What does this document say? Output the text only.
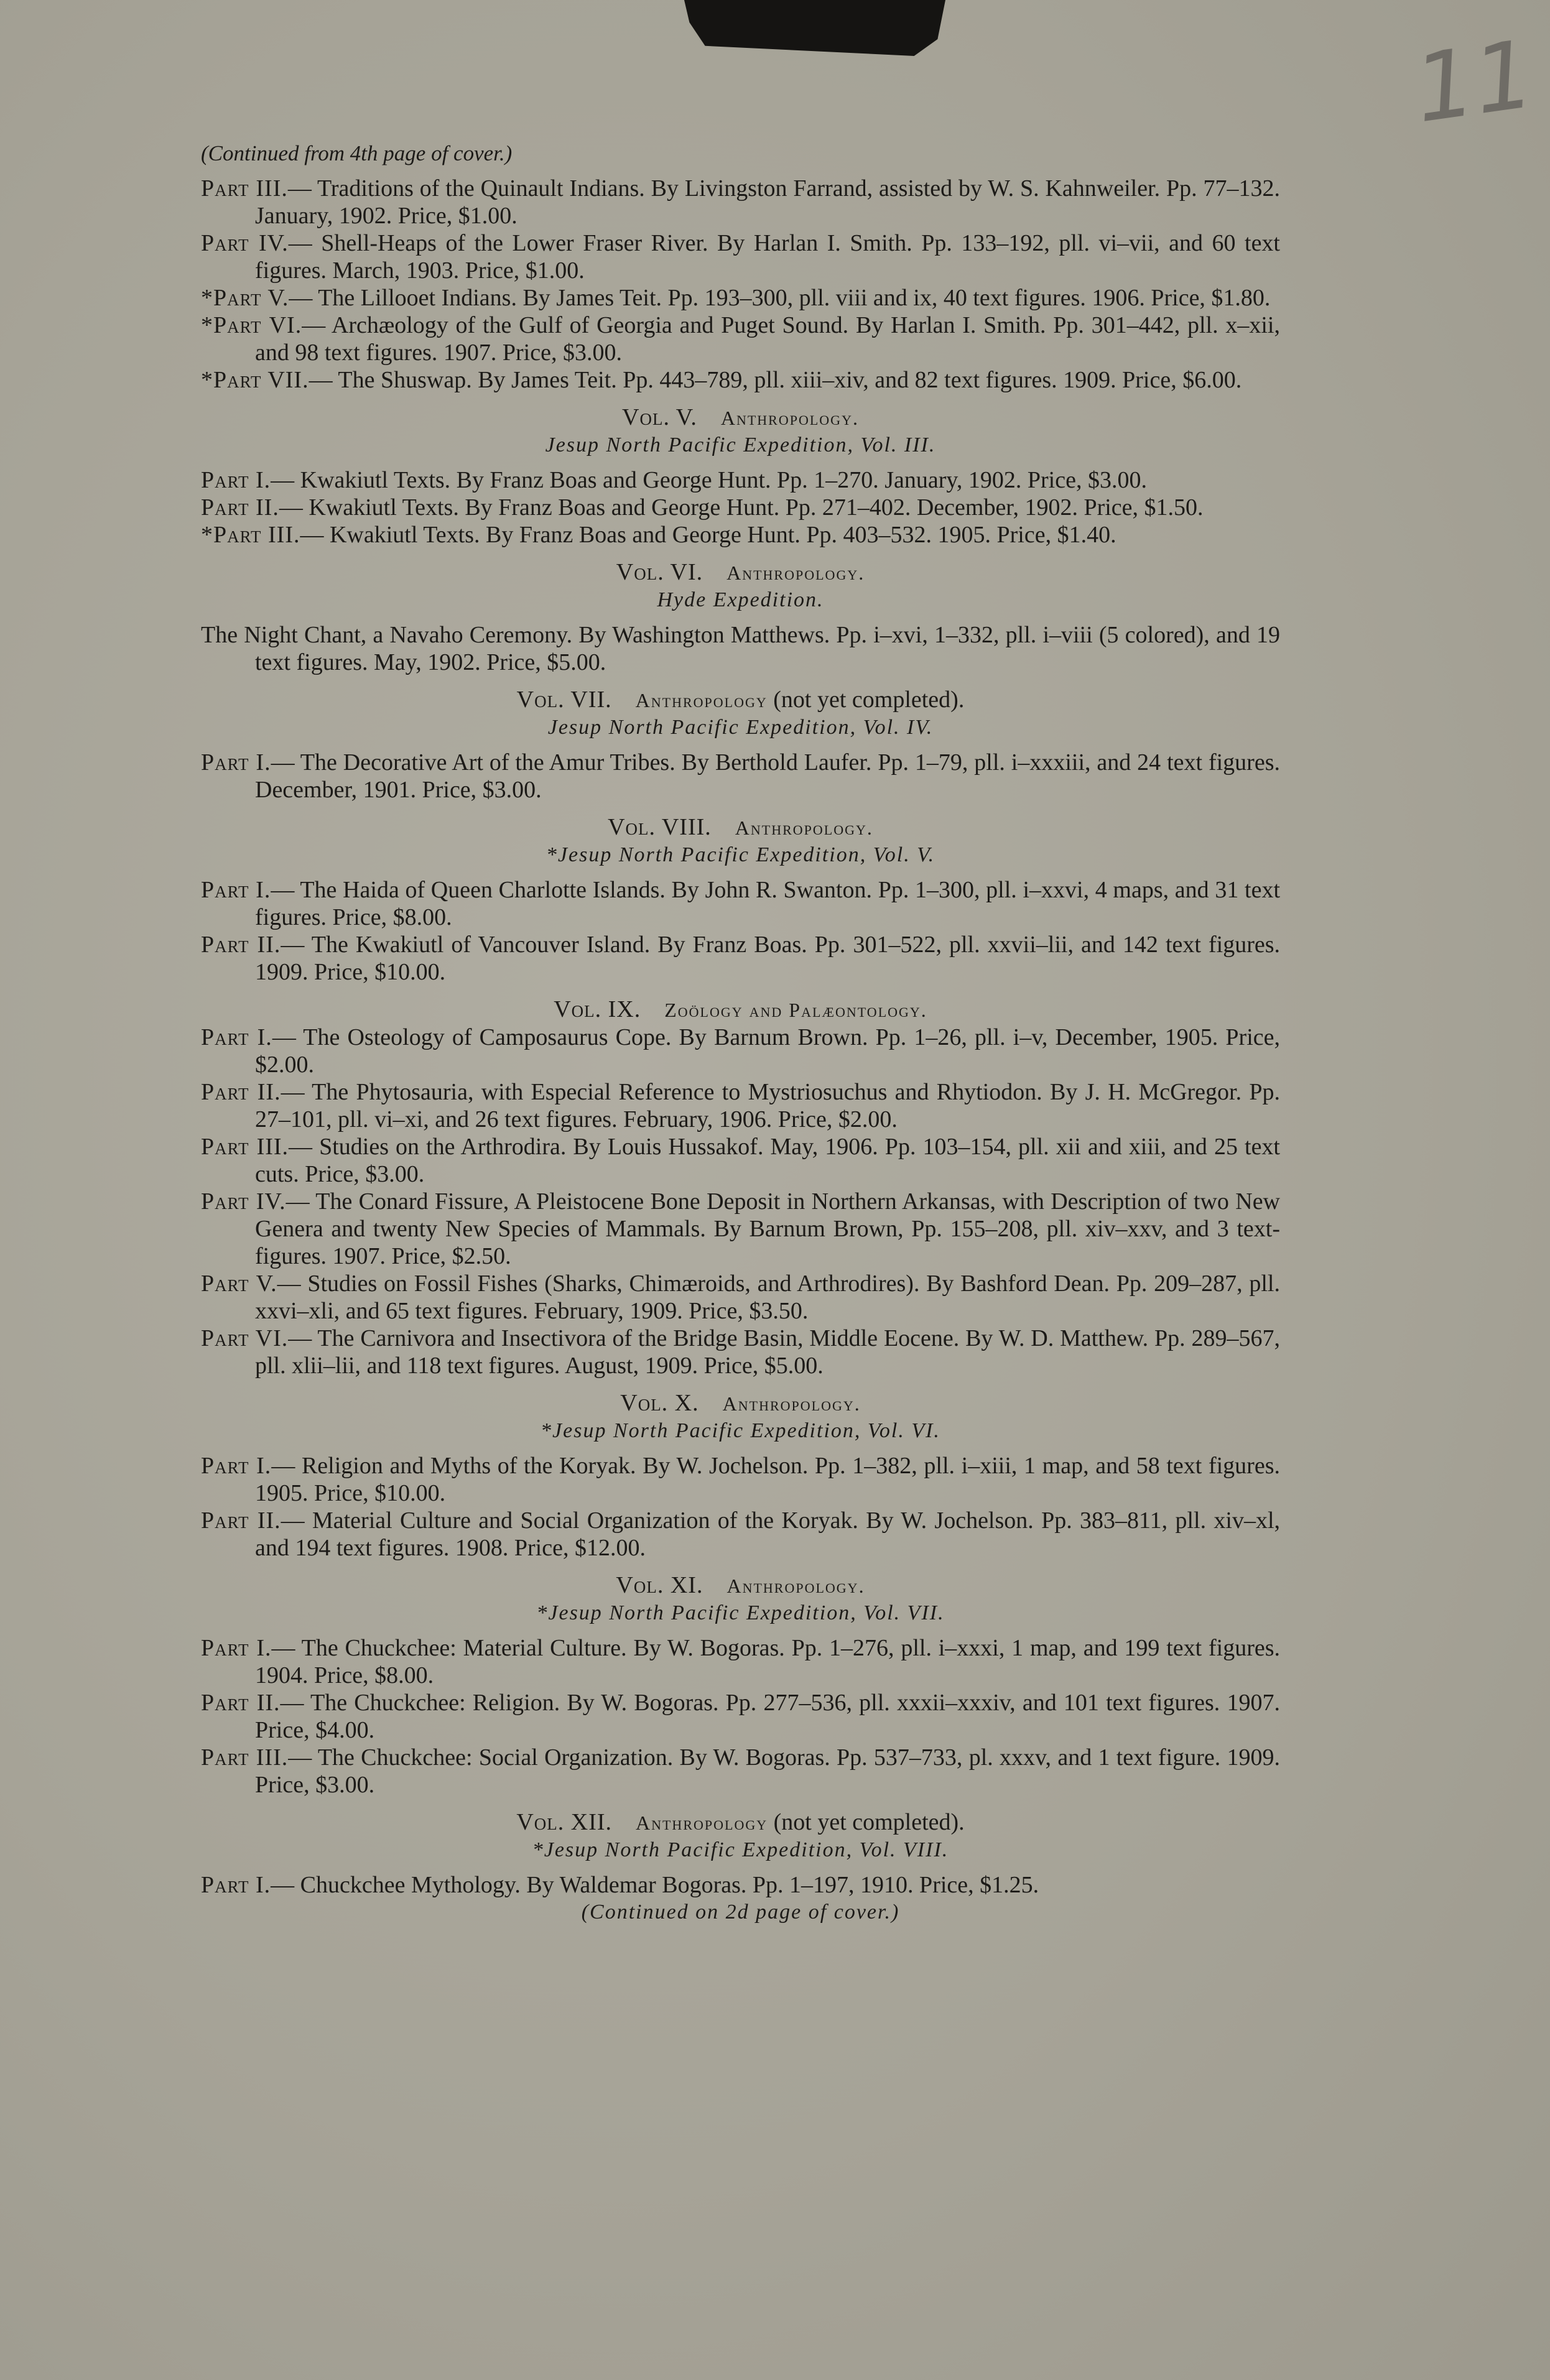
11
(Continued from 4th page of cover.)
Part III.— Traditions of the Quinault Indians. By Livingston Farrand, assisted by W. S. Kahnweiler. Pp. 77–132. January, 1902. Price, $1.00.
Part IV.— Shell-Heaps of the Lower Fraser River. By Harlan I. Smith. Pp. 133–192, pll. vi–vii, and 60 text figures. March, 1903. Price, $1.00.
*Part V.— The Lillooet Indians. By James Teit. Pp. 193–300, pll. viii and ix, 40 text figures. 1906. Price, $1.80.
*Part VI.— Archæology of the Gulf of Georgia and Puget Sound. By Harlan I. Smith. Pp. 301–442, pll. x–xii, and 98 text figures. 1907. Price, $3.00.
*Part VII.— The Shuswap. By James Teit. Pp. 443–789, pll. xiii–xiv, and 82 text figures. 1909. Price, $6.00.
Vol. V.  Anthropology.
Jesup North Pacific Expedition, Vol. III.
Part I.— Kwakiutl Texts. By Franz Boas and George Hunt. Pp. 1–270. January, 1902. Price, $3.00.
Part II.— Kwakiutl Texts. By Franz Boas and George Hunt. Pp. 271–402. December, 1902. Price, $1.50.
*Part III.— Kwakiutl Texts. By Franz Boas and George Hunt. Pp. 403–532. 1905. Price, $1.40.
Vol. VI.  Anthropology.
Hyde Expedition.
The Night Chant, a Navaho Ceremony. By Washington Matthews. Pp. i–xvi, 1–332, pll. i–viii (5 colored), and 19 text figures. May, 1902. Price, $5.00.
Vol. VII.  Anthropology (not yet completed).
Jesup North Pacific Expedition, Vol. IV.
Part I.— The Decorative Art of the Amur Tribes. By Berthold Laufer. Pp. 1–79, pll. i–xxxiii, and 24 text figures. December, 1901. Price, $3.00.
Vol. VIII.  Anthropology.
*Jesup North Pacific Expedition, Vol. V.
Part I.— The Haida of Queen Charlotte Islands. By John R. Swanton. Pp. 1–300, pll. i–xxvi, 4 maps, and 31 text figures. Price, $8.00.
Part II.— The Kwakiutl of Vancouver Island. By Franz Boas. Pp. 301–522, pll. xxvii–lii, and 142 text figures. 1909. Price, $10.00.
Vol. IX.  Zoölogy and Palæontology.
Part I.— The Osteology of Camposaurus Cope. By Barnum Brown. Pp. 1–26, pll. i–v, December, 1905. Price, $2.00.
Part II.— The Phytosauria, with Especial Reference to Mystriosuchus and Rhytiodon. By J. H. McGregor. Pp. 27–101, pll. vi–xi, and 26 text figures. February, 1906. Price, $2.00.
Part III.— Studies on the Arthrodira. By Louis Hussakof. May, 1906. Pp. 103–154, pll. xii and xiii, and 25 text cuts. Price, $3.00.
Part IV.— The Conard Fissure, A Pleistocene Bone Deposit in Northern Arkansas, with Description of two New Genera and twenty New Species of Mammals. By Barnum Brown, Pp. 155–208, pll. xiv–xxv, and 3 text-figures. 1907. Price, $2.50.
Part V.— Studies on Fossil Fishes (Sharks, Chimæroids, and Arthrodires). By Bashford Dean. Pp. 209–287, pll. xxvi–xli, and 65 text figures. February, 1909. Price, $3.50.
Part VI.— The Carnivora and Insectivora of the Bridge Basin, Middle Eocene. By W. D. Matthew. Pp. 289–567, pll. xlii–lii, and 118 text figures. August, 1909. Price, $5.00.
Vol. X.  Anthropology.
*Jesup North Pacific Expedition, Vol. VI.
Part I.— Religion and Myths of the Koryak. By W. Jochelson. Pp. 1–382, pll. i–xiii, 1 map, and 58 text figures. 1905. Price, $10.00.
Part II.— Material Culture and Social Organization of the Koryak. By W. Jochelson. Pp. 383–811, pll. xiv–xl, and 194 text figures. 1908. Price, $12.00.
Vol. XI.  Anthropology.
*Jesup North Pacific Expedition, Vol. VII.
Part I.— The Chuckchee: Material Culture. By W. Bogoras. Pp. 1–276, pll. i–xxxi, 1 map, and 199 text figures. 1904. Price, $8.00.
Part II.— The Chuckchee: Religion. By W. Bogoras. Pp. 277–536, pll. xxxii–xxxiv, and 101 text figures. 1907. Price, $4.00.
Part III.— The Chuckchee: Social Organization. By W. Bogoras. Pp. 537–733, pl. xxxv, and 1 text figure. 1909. Price, $3.00.
Vol. XII.  Anthropology (not yet completed).
*Jesup North Pacific Expedition, Vol. VIII.
Part I.— Chuckchee Mythology. By Waldemar Bogoras. Pp. 1–197, 1910. Price, $1.25.
(Continued on 2d page of cover.)
